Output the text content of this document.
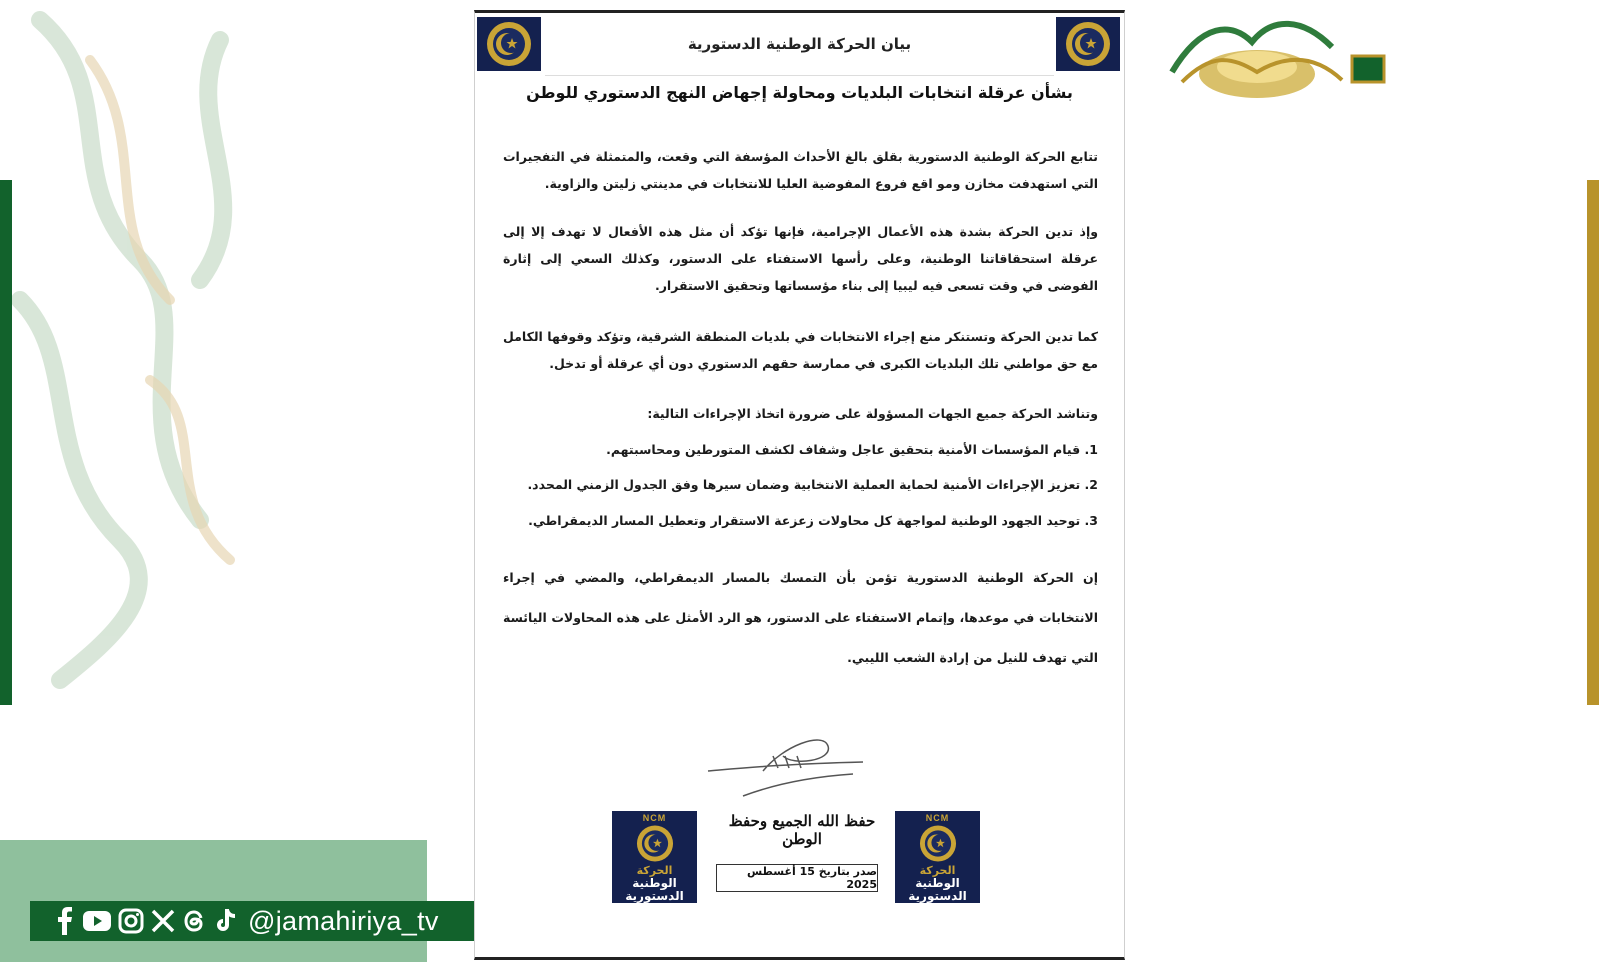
@jamahiriya_tv
بيان الحركة الوطنية الدستورية
بشأن عرقلة انتخابات البلديات ومحاولة إجهاض النهج الدستوري للوطن
تتابع الحركة الوطنية الدستورية بقلق بالغ الأحداث المؤسفة التي وقعت، والمتمثلة في التفجيرات التي استهدفت مخازن ومو اقع فروع المفوضية العليا للانتخابات في مدينتي زليتن والزاوية.
وإذ تدين الحركة بشدة هذه الأعمال الإجرامية، فإنها تؤكد أن مثل هذه الأفعال لا تهدف إلا إلى عرقلة استحقاقاتنا الوطنية، وعلى رأسها الاستفتاء على الدستور، وكذلك السعي إلى إثارة الفوضى في وقت تسعى فيه ليبيا إلى بناء مؤسساتها وتحقيق الاستقرار.
كما تدين الحركة وتستنكر منع إجراء الانتخابات في بلديات المنطقة الشرقية، وتؤكد وقوفها الكامل مع حق مواطني تلك البلديات الكبرى في ممارسة حقهم الدستوري دون أي عرقلة أو تدخل.
وتناشد الحركة جميع الجهات المسؤولة على ضرورة اتخاذ الإجراءات التالية:
1. قيام المؤسسات الأمنية بتحقيق عاجل وشفاف لكشف المتورطين ومحاسبتهم.
2. تعزيز الإجراءات الأمنية لحماية العملية الانتخابية وضمان سيرها وفق الجدول الزمني المحدد.
3. توحيد الجهود الوطنية لمواجهة كل محاولات زعزعة الاستقرار وتعطيل المسار الديمقراطي.
إن الحركة الوطنية الدستورية تؤمن بأن التمسك بالمسار الديمقراطي، والمضي في إجراء الانتخابات في موعدها، وإتمام الاستفتاء على الدستور، هو الرد الأمثل على هذه المحاولات اليائسة التي تهدف للنيل من إرادة الشعب الليبي.
حفظ الله الجميع وحفظ الوطن
صدر بتاريخ 15 أغسطس 2025
NCM
الحركة
الوطنية
الدستورية
NCM
الحركة
الوطنية
الدستورية
